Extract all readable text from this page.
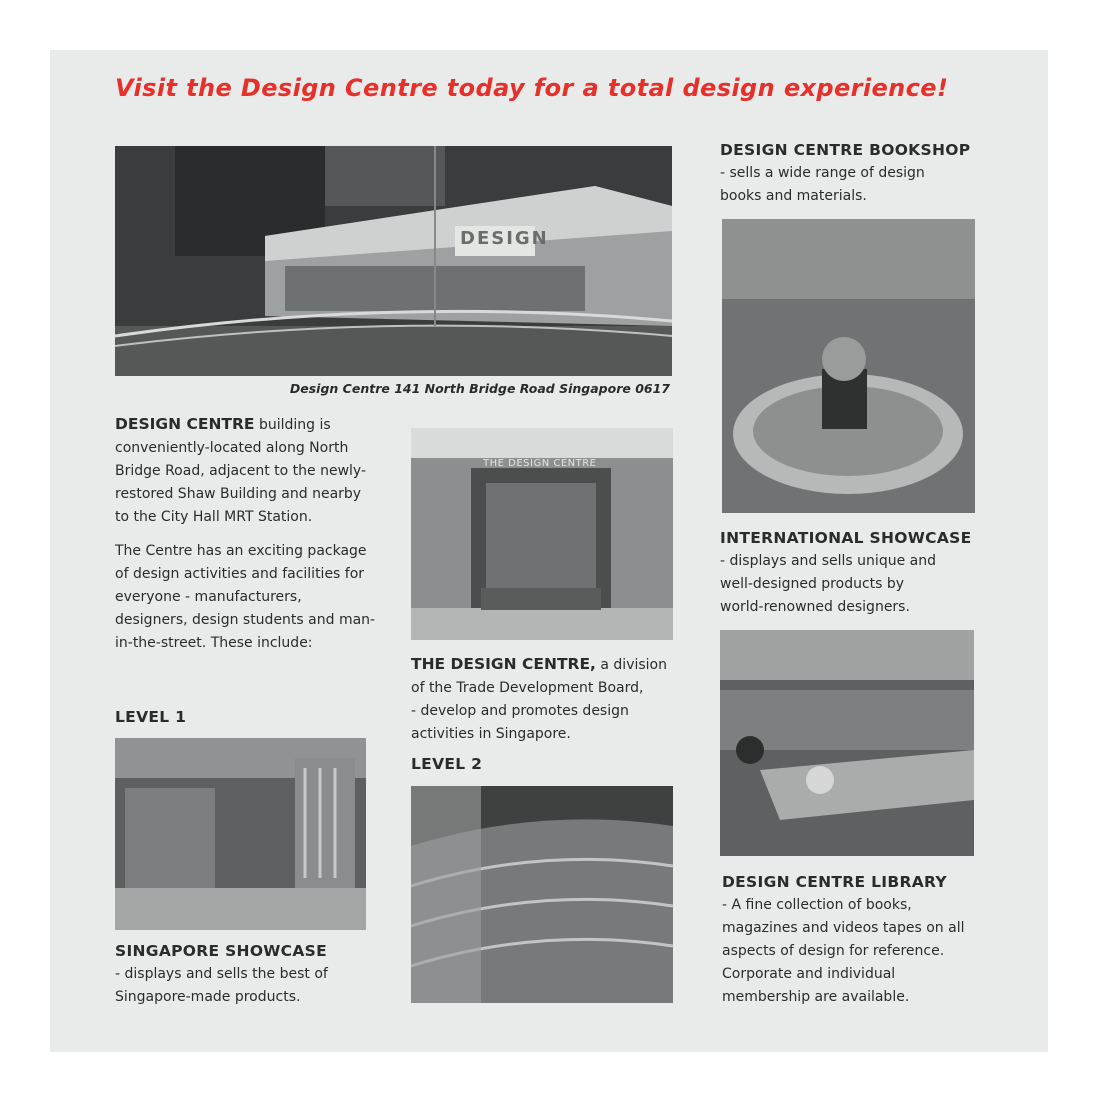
Visit the Design Centre today for a total design experience!
DESIGN
Design Centre 141 North Bridge Road Singapore 0617

DESIGN CENTRE building is conveniently-located along North Bridge Road, adjacent to the newly-restored Shaw Building and nearby to the City Hall MRT Station.

The Centre has an exciting package of design activities and facilities for everyone - manufacturers, designers, design students and man-in-the-street. These include:

LEVEL 1
SINGAPORE SHOWCASE
- displays and sells the best of
Singapore-made products.
THE DESIGN CENTRE
THE DESIGN CENTRE, a division
of the Trade Development Board,
- develop and promotes design
activities in Singapore.
LEVEL 2
DESIGN CENTRE BOOKSHOP
- sells a wide range of design
books and materials.
INTERNATIONAL SHOWCASE
- displays and sells unique and
well-designed products by
world-renowned designers.
DESIGN CENTRE LIBRARY
- A fine collection of books,
magazines and videos tapes on all
aspects of design for reference.
Corporate and individual
membership are available.
